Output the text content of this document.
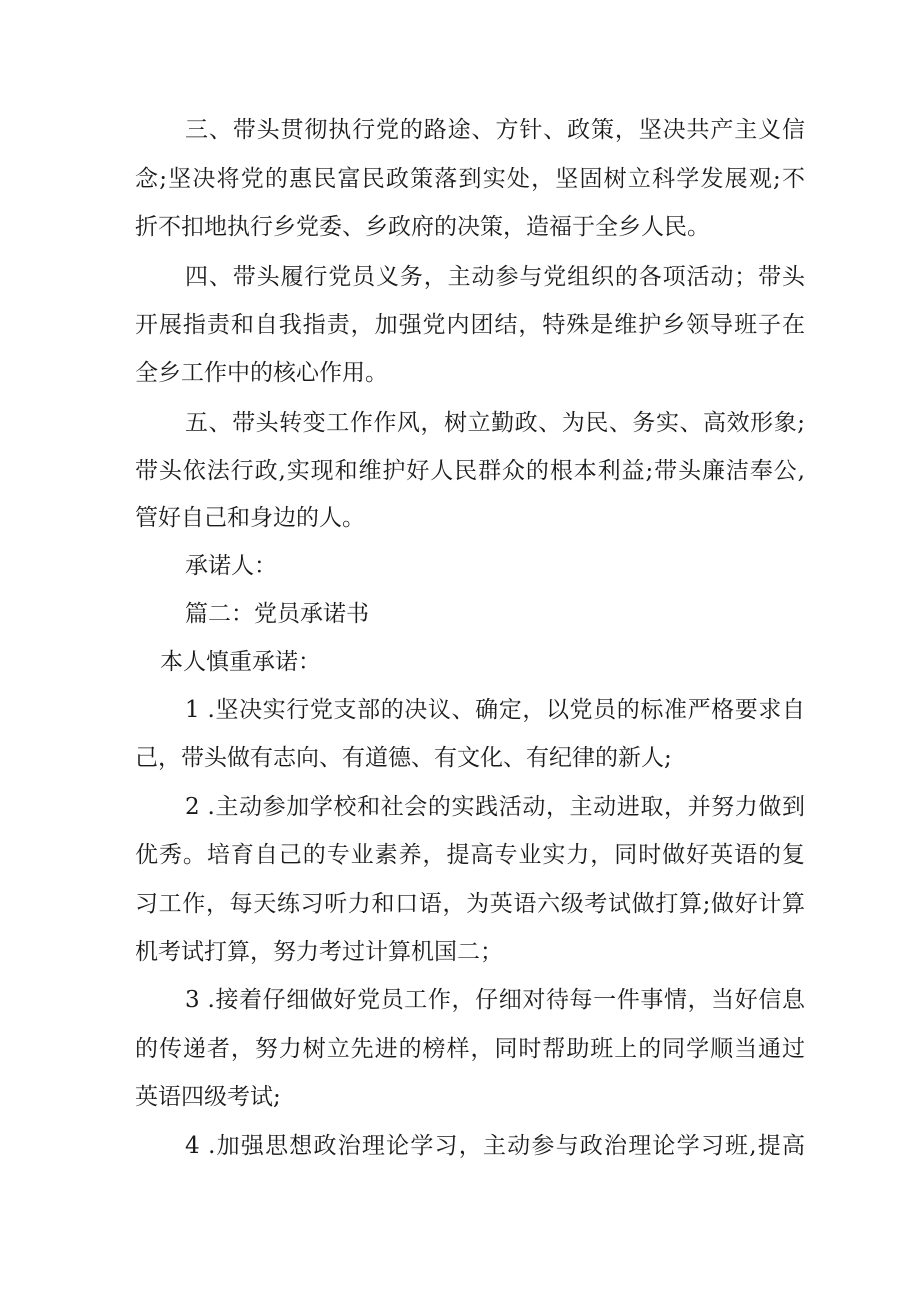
三、带头贯彻执行党的路途、方针、政策，坚决共产主义信
念;坚决将党的惠民富民政策落到实处，坚固树立科学发展观;不
折不扣地执行乡党委、乡政府的决策，造福于全乡人民。
四、带头履行党员义务，主动参与党组织的各项活动；带头
开展指责和自我指责，加强党内团结，特殊是维护乡领导班子在
全乡工作中的核心作用。
五、带头转变工作作风，树立勤政、为民、务实、高效形象;
带头依法行政,实现和维护好人民群众的根本利益;带头廉洁奉公,
管好自己和身边的人。
承诺人：
篇二：党员承诺书
本人慎重承诺：
1 .坚决实行党支部的决议、确定，以党员的标准严格要求自
己，带头做有志向、有道德、有文化、有纪律的新人;
2 .主动参加学校和社会的实践活动，主动进取，并努力做到
优秀。培育自己的专业素养，提高专业实力，同时做好英语的复
习工作，每天练习听力和口语，为英语六级考试做打算;做好计算
机考试打算，努力考过计算机国二；
3 .接着仔细做好党员工作，仔细对待每一件事情，当好信息
的传递者，努力树立先进的榜样，同时帮助班上的同学顺当通过
英语四级考试;
4 .加强思想政治理论学习，主动参与政治理论学习班,提高
